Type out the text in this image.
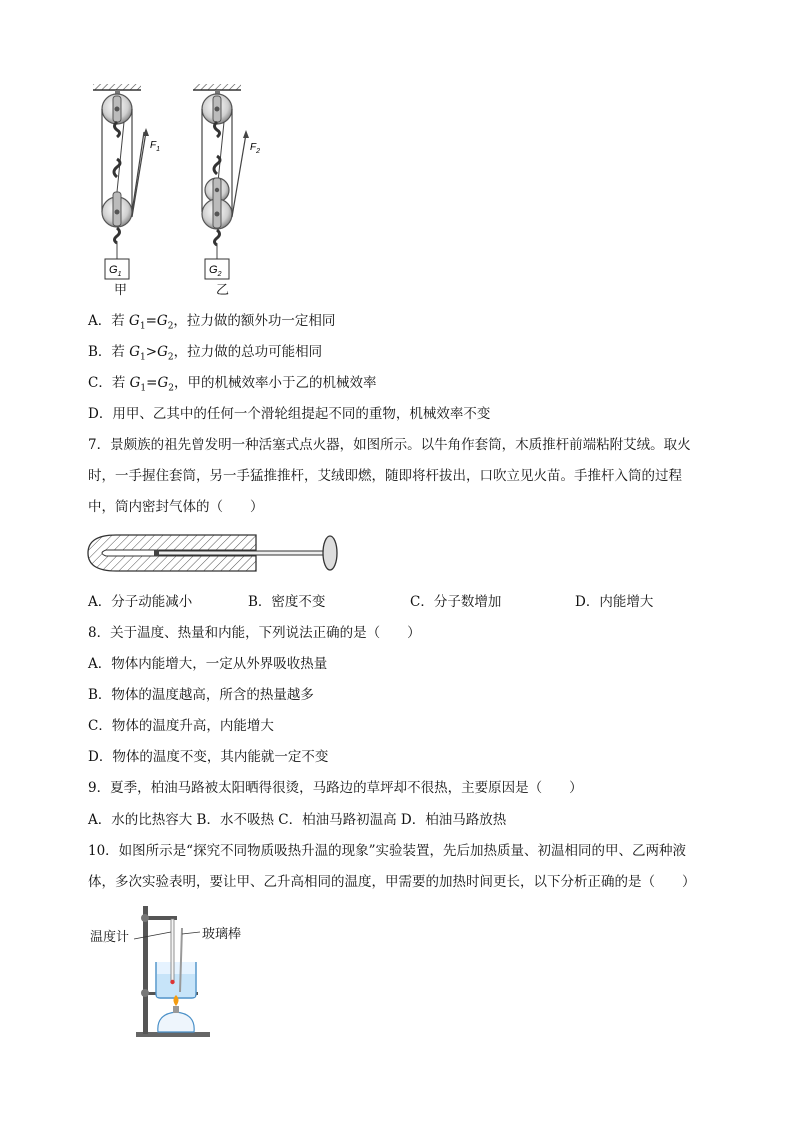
$F_1$
$G_1$
$F_2$
$G_2$
甲	乙
A．若 $G_1=G_2$，拉力做的额外功一定相同
B．若 $G_1>G_2$，拉力做的总功可能相同
C．若 $G_1=G_2$，甲的机械效率小于乙的机械效率
D．用甲、乙其中的任何一个滑轮组提起不同的重物，机械效率不变
7．景颇族的祖先曾发明一种活塞式点火器，如图所示。以牛角作套筒，木质推杆前端粘附艾绒。取火
时，一手握住套筒，另一手猛推推杆，艾绒即燃，随即将杆拔出，口吹立见火苗。手推杆入筒的过程
中，筒内密封气体的（　　）
A．分子动能减小	B．密度不变	C．分子数增加	D．内能增大
8．关于温度、热量和内能，下列说法正确的是（　　）
A．物体内能增大，一定从外界吸收热量
B．物体的温度越高，所含的热量越多
C．物体的温度升高，内能增大
D．物体的温度不变，其内能就一定不变
9．夏季，柏油马路被太阳晒得很烫，马路边的草坪却不很热，主要原因是（　　）
A．水的比热容大 B．水不吸热 C．柏油马路初温高 D．柏油马路放热
10．如图所示是“探究不同物质吸热升温的现象”实验装置，先后加热质量、初温相同的甲、乙两种液
体，多次实验表明，要让甲、乙升高相同的温度，甲需要的加热时间更长，以下分析正确的是（　　）
温度计	玻璃棒
